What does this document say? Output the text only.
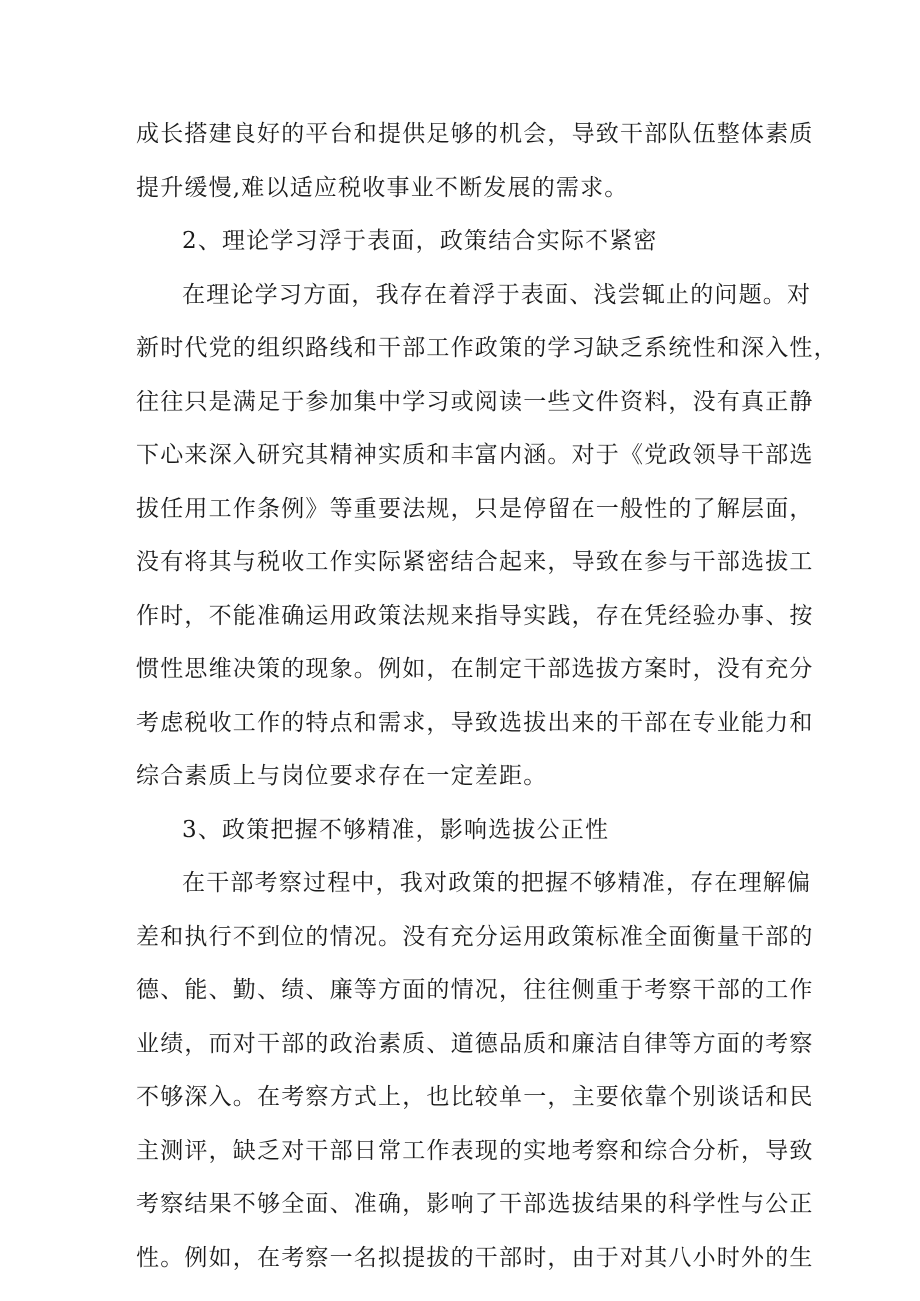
成长搭建良好的平台和提供足够的机会，导致干部队伍整体素质
提升缓慢,难以适应税收事业不断发展的需求。
2、理论学习浮于表面，政策结合实际不紧密
在理论学习方面，我存在着浮于表面、浅尝辄止的问题。对
新时代党的组织路线和干部工作政策的学习缺乏系统性和深入性，
往往只是满足于参加集中学习或阅读一些文件资料，没有真正静
下心来深入研究其精神实质和丰富内涵。对于《党政领导干部选
拔任用工作条例》等重要法规，只是停留在一般性的了解层面，
没有将其与税收工作实际紧密结合起来，导致在参与干部选拔工
作时，不能准确运用政策法规来指导实践，存在凭经验办事、按
惯性思维决策的现象。例如，在制定干部选拔方案时，没有充分
考虑税收工作的特点和需求，导致选拔出来的干部在专业能力和
综合素质上与岗位要求存在一定差距。
3、政策把握不够精准，影响选拔公正性
在干部考察过程中，我对政策的把握不够精准，存在理解偏
差和执行不到位的情况。没有充分运用政策标准全面衡量干部的
德、能、勤、绩、廉等方面的情况，往往侧重于考察干部的工作
业绩，而对干部的政治素质、道德品质和廉洁自律等方面的考察
不够深入。在考察方式上，也比较单一，主要依靠个别谈话和民
主测评，缺乏对干部日常工作表现的实地考察和综合分析，导致
考察结果不够全面、准确，影响了干部选拔结果的科学性与公正
性。例如，在考察一名拟提拔的干部时，由于对其八小时外的生
